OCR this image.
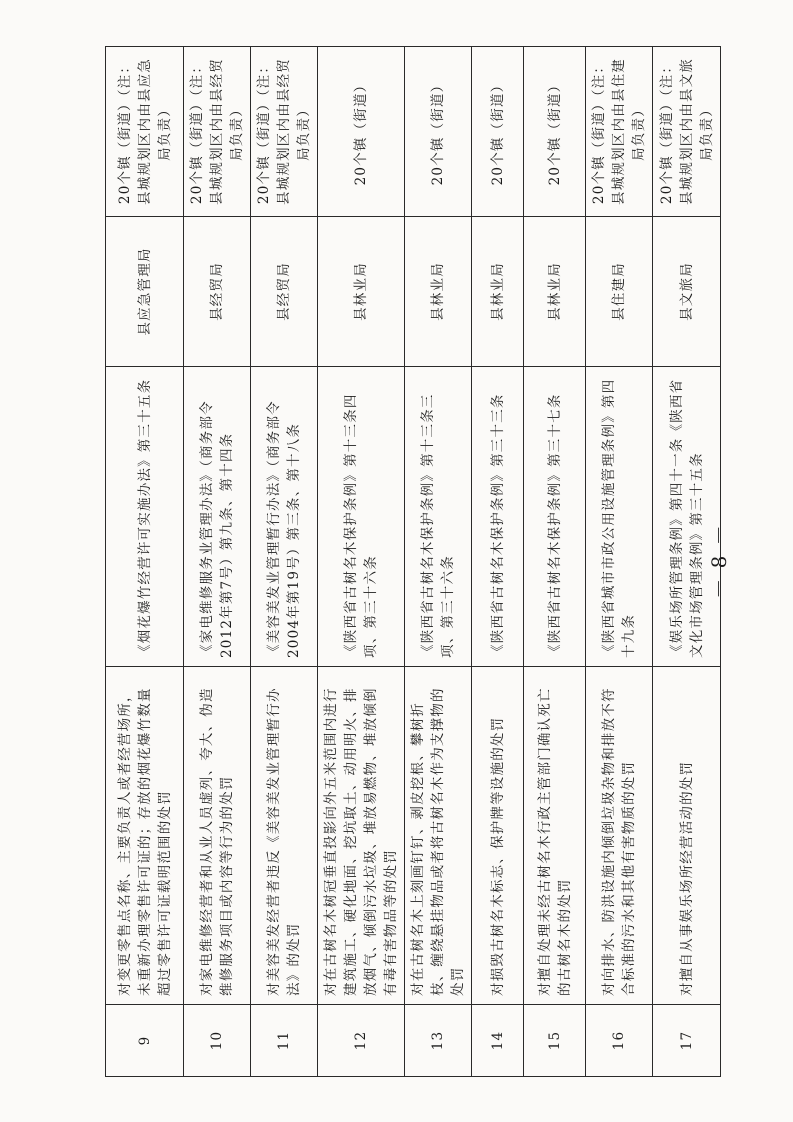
9	对变更零售点名称、主要负责人或者经营场所，未重新办理零售许可证的；存放的烟花爆竹数量超过零售许可证载明范围的处罚	《烟花爆竹经营许可实施办法》第三十五条	县应急管理局	20个镇（街道）（注：县城规划区内由县应急局负责）
10	对家电维修经营者和从业人员虚列、夸大、伪造维修服务项目或内容等行为的处罚	《家电维修服务业管理办法》（商务部令2012年第7号）第九条、第十四条	县经贸局	20个镇（街道）（注：县城规划区内由县经贸局负责）
11	对美容美发经营者违反《美容美发业管理暂行办法》的处罚	《美容美发业管理暂行办法》（商务部令2004年第19号）第三条、第十八条	县经贸局	20个镇（街道）（注：县城规划区内由县经贸局负责）
12	对在古树名木树冠垂直投影向外五米范围内进行建筑施工、硬化地面、挖坑取土、动用明火、排放烟气、倾倒污水垃圾、堆放易燃物、堆放倾倒有毒有害物品等的处罚	《陕西省古树名木保护条例》第十三条四项、第三十六条	县林业局	20个镇（街道）
13	对在古树名木上刻画钉钉、剥皮挖根、攀树折枝、缠绕悬挂物品或者将古树名木作为支撑物的处罚	《陕西省古树名木保护条例》第十三条三项、第三十六条	县林业局	20个镇（街道）
14	对损毁古树名木标志、保护牌等设施的处罚	《陕西省古树名木保护条例》第三十三条	县林业局	20个镇（街道）
15	对擅自处理未经古树名木行政主管部门确认死亡的古树名木的处罚	《陕西省古树名木保护条例》第三十七条	县林业局	20个镇（街道）
16	对向排水、防洪设施内倾倒垃圾杂物和排放不符合标准的污水和其他有害物质的处罚	《陕西省城市市政公用设施管理条例》第四十九条	县住建局	20个镇（街道）（注：县城规划区内由县住建局负责）
17	对擅自从事娱乐场所经营活动的处罚	《娱乐场所管理条例》第四十一条《陕西省文化市场管理条例》第三十五条	县文旅局	20个镇（街道）（注：县城规划区内由县文旅局负责）
－ 8 －
